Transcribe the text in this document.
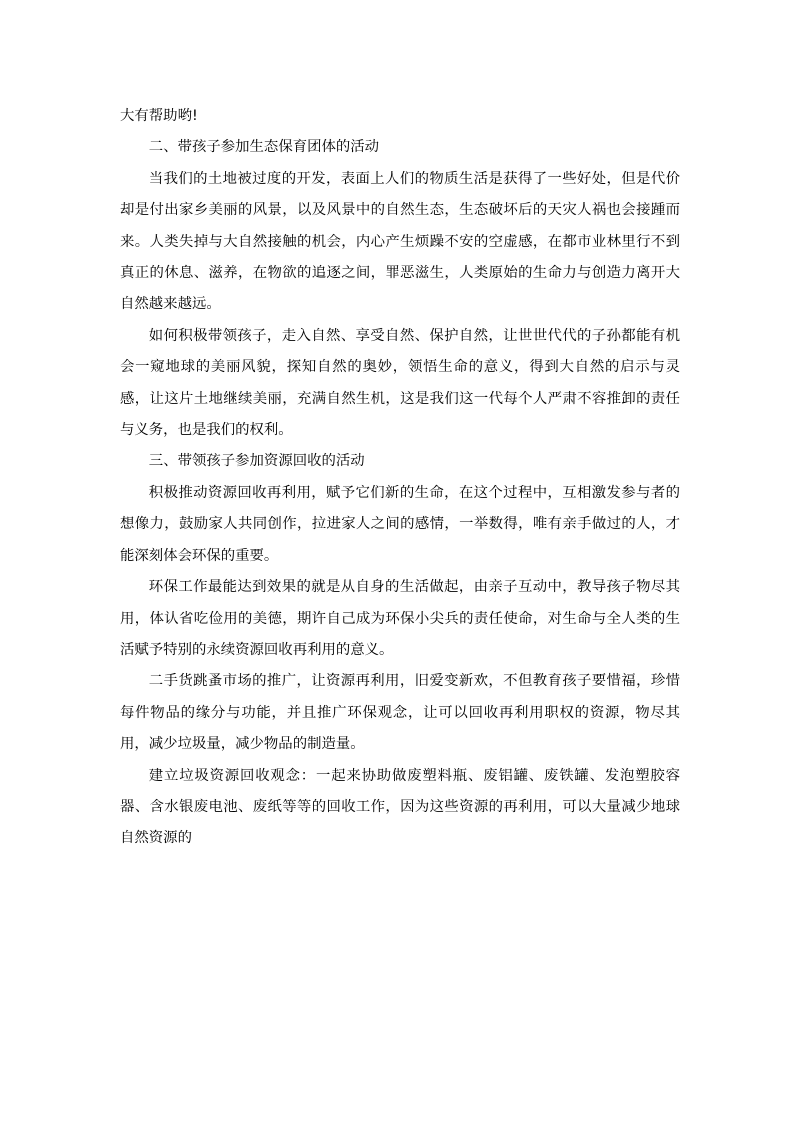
大有帮助哟!

二、带孩子参加生态保育团体的活动

当我们的土地被过度的开发，表面上人们的物质生活是获得了一些好处，但是代价却是付出家乡美丽的风景，以及风景中的自然生态，生态破坏后的天灾人祸也会接踵而来。人类失掉与大自然接触的机会，内心产生烦躁不安的空虚感，在都市业林里行不到真正的休息、滋养，在物欲的追逐之间，罪恶滋生，人类原始的生命力与创造力离开大自然越来越远。

如何积极带领孩子，走入自然、享受自然、保护自然，让世世代代的子孙都能有机会一窥地球的美丽风貌，探知自然的奥妙，领悟生命的意义，得到大自然的启示与灵感，让这片土地继续美丽，充满自然生机，这是我们这一代每个人严肃不容推卸的责任与义务，也是我们的权利。

三、带领孩子参加资源回收的活动

积极推动资源回收再利用，赋予它们新的生命，在这个过程中，互相激发参与者的想像力，鼓励家人共同创作，拉进家人之间的感情，一举数得，唯有亲手做过的人，才能深刻体会环保的重要。

环保工作最能达到效果的就是从自身的生活做起，由亲子互动中，教导孩子物尽其用，体认省吃俭用的美德，期许自己成为环保小尖兵的责任使命，对生命与全人类的生活赋予特别的永续资源回收再利用的意义。

二手货跳蚤市场的推广，让资源再利用，旧爱变新欢，不但教育孩子要惜福，珍惜每件物品的缘分与功能，并且推广环保观念，让可以回收再利用职权的资源，物尽其用，减少垃圾量，减少物品的制造量。

建立垃圾资源回收观念：一起来协助做废塑料瓶、废铝罐、废铁罐、发泡塑胶容器、含水银废电池、废纸等等的回收工作，因为这些资源的再利用，可以大量减少地球自然资源的
